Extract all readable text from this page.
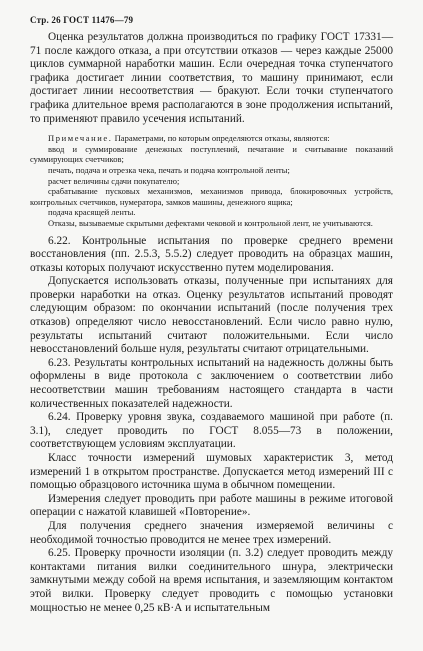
Стр. 26 ГОСТ 11476—79

Оценка результатов должна производиться по графику ГОСТ 17331—71 после каждого отказа, а при отсутствии отказов — через каждые 25000 циклов суммарной наработки машин. Если очередная точка ступенчатого графика достигает линии соответствия, то машину принимают, если достигает линии несоответствия — бракуют. Если точки ступенчатого графика длительное время располагаются в зоне продолжения испытаний, то применяют правило усечения испытаний.

Примечание. Параметрами, по которым определяются отказы, являются:
ввод и суммирование денежных поступлений, печатание и считывание показаний суммирующих счетчиков;
печать, подача и отрезка чека, печать и подача контрольной ленты;
расчет величины сдачи покупателю;
срабатывание пусковых механизмов, механизмов привода, блокировочных устройств, контрольных счетчиков, нумератора, замков машины, денежного ящика;
подача красящей ленты.
Отказы, вызываемые скрытыми дефектами чековой и контрольной лент, не учитываются.

6.22. Контрольные испытания по проверке среднего времени восстановления (пп. 2.5.3, 5.5.2) следует проводить на образцах машин, отказы которых получают искусственно путем моделирования.

Допускается использовать отказы, полученные при испытаниях для проверки наработки на отказ. Оценку результатов испытаний проводят следующим образом: по окончании испытаний (после получения трех отказов) определяют число невосстановлений. Если число равно нулю, результаты испытаний считают положительными. Если число невосстановлений больше нуля, результаты считают отрицательными.

6.23. Результаты контрольных испытаний на надежность должны быть оформлены в виде протокола с заключением о соответствии либо несоответствии машин требованиям настоящего стандарта в части количественных показателей надежности.

6.24. Проверку уровня звука, создаваемого машиной при работе (п. 3.1), следует проводить по ГОСТ 8.055—73 в положении, соответствующем условиям эксплуатации.

Класс точности измерений шумовых характеристик 3, метод измерений 1 в открытом пространстве. Допускается метод измерений III с помощью образцового источника шума в обычном помещении.

Измерения следует проводить при работе машины в режиме итоговой операции с нажатой клавишей «Повторение».

Для получения среднего значения измеряемой величины с необходимой точностью проводится не менее трех измерений.

6.25. Проверку прочности изоляции (п. 3.2) следует проводить между контактами питания вилки соединительного шнура, электрически замкнутыми между собой на время испытания, и заземляющим контактом этой вилки. Проверку следует проводить с помощью установки мощностью не менее 0,25 кВ·А и испытательным
